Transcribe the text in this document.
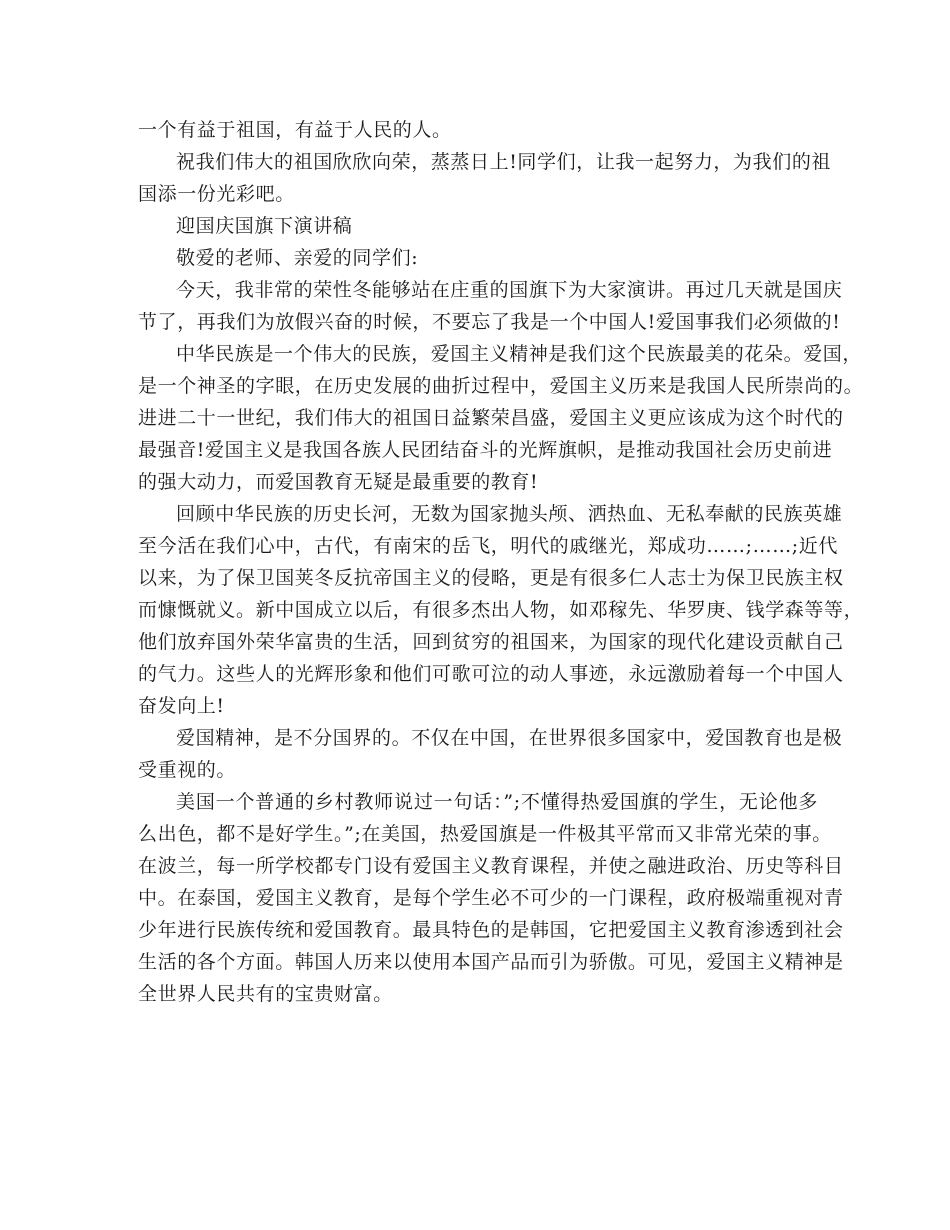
一个有益于祖国，有益于人民的人。
祝我们伟大的祖国欣欣向荣，蒸蒸日上!同学们，让我一起努力，为我们的祖
国添一份光彩吧。
迎国庆国旗下演讲稿
敬爱的老师、亲爱的同学们:
今天，我非常的荣性冬能够站在庄重的国旗下为大家演讲。再过几天就是国庆
节了，再我们为放假兴奋的时候，不要忘了我是一个中国人!爱国事我们必须做的!
中华民族是一个伟大的民族，爱国主义精神是我们这个民族最美的花朵。爱国，
是一个神圣的字眼，在历史发展的曲折过程中，爱国主义历来是我国人民所崇尚的。
进进二十一世纪，我们伟大的祖国日益繁荣昌盛，爱国主义更应该成为这个时代的
最强音!爱国主义是我国各族人民团结奋斗的光辉旗帜，是推动我国社会历史前进
的强大动力，而爱国教育无疑是最重要的教育!
回顾中华民族的历史长河，无数为国家抛头颅、洒热血、无私奉献的民族英雄
至今活在我们心中，古代，有南宋的岳飞，明代的戚继光，郑成功……;……;近代
以来，为了保卫国荚冬反抗帝国主义的侵略，更是有很多仁人志士为保卫民族主权
而慷慨就义。新中国成立以后，有很多杰出人物，如邓稼先、华罗庚、钱学森等等，
他们放弃国外荣华富贵的生活，回到贫穷的祖国来，为国家的现代化建设贡献自己
的气力。这些人的光辉形象和他们可歌可泣的动人事迹，永远激励着每一个中国人
奋发向上!
爱国精神，是不分国界的。不仅在中国，在世界很多国家中，爱国教育也是极
受重视的。
美国一个普通的乡村教师说过一句话：”;不懂得热爱国旗的学生，无论他多
么出色，都不是好学生。”;在美国，热爱国旗是一件极其平常而又非常光荣的事。
在波兰，每一所学校都专门设有爱国主义教育课程，并使之融进政治、历史等科目
中。在泰国，爱国主义教育，是每个学生必不可少的一门课程，政府极端重视对青
少年进行民族传统和爱国教育。最具特色的是韩国，它把爱国主义教育渗透到社会
生活的各个方面。韩国人历来以使用本国产品而引为骄傲。可见，爱国主义精神是
全世界人民共有的宝贵财富。
